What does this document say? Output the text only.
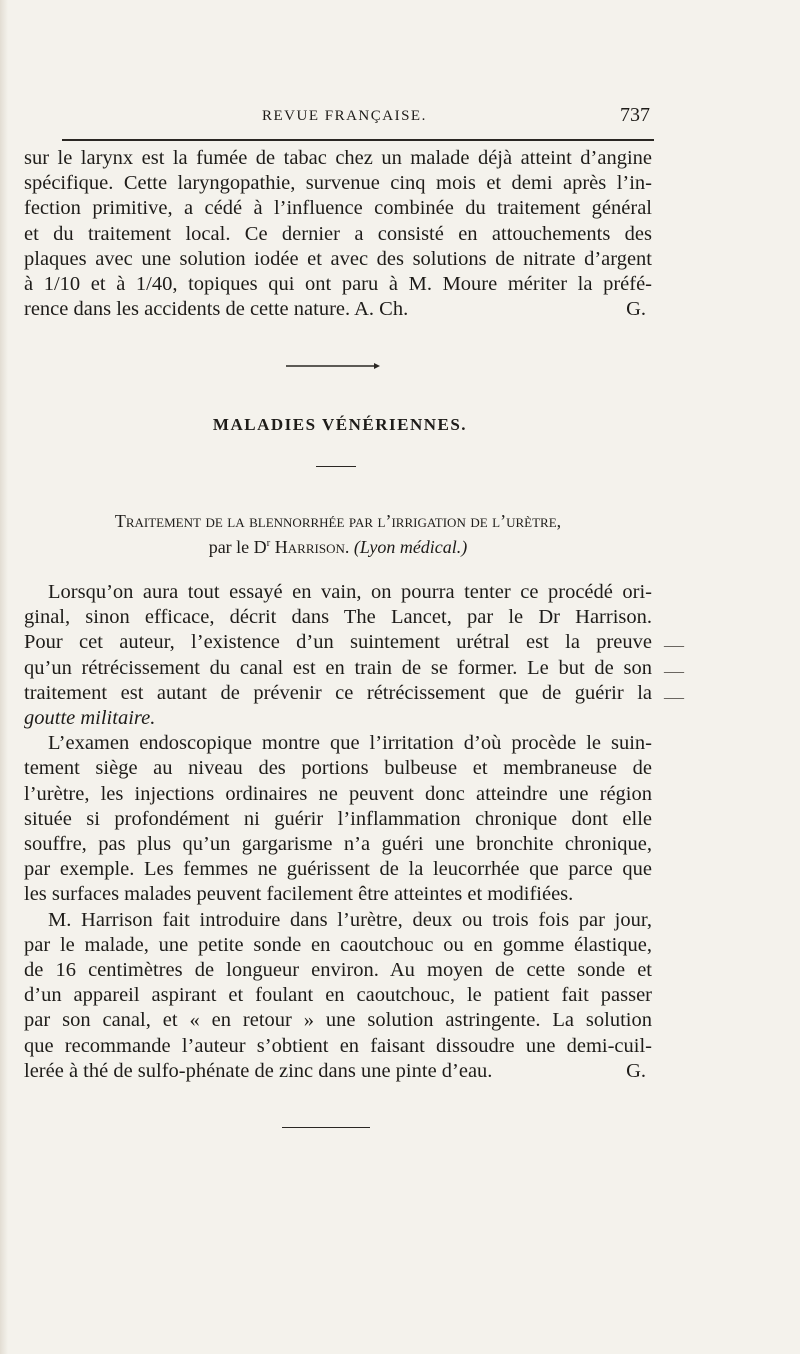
REVUE FRANÇAISE.	737

sur le larynx est la fumée de tabac chez un malade déjà atteint d’angine

spécifique. Cette laryngopathie, survenue cinq mois et demi après l’in-

fection primitive, a cédé à l’influence combinée du traitement général

et du traitement local. Ce dernier a consisté en attouchements des

plaques avec une solution iodée et avec des solutions de nitrate d’argent

à 1/10 et à 1/40, topiques qui ont paru à M. Moure mériter la préfé-

rence dans les accidents de cette nature. A. Ch.	G.

MALADIES VÉNÉRIENNES.
Traitement de la blennorrhée par l’irrigation de l’urètre,
par le $D^r$ Harrison. (Lyon médical.)

Lorsqu’on aura tout essayé en vain, on pourra tenter ce procédé ori-

ginal, sinon efficace, décrit dans The Lancet, par le Dr Harrison.

Pour cet auteur, l’existence d’un suintement urétral est la preuve

qu’un rétrécissement du canal est en train de se former. Le but de son

traitement est autant de prévenir ce rétrécissement que de guérir la

goutte militaire.

L’examen endoscopique montre que l’irritation d’où procède le suin-

tement siège au niveau des portions bulbeuse et membraneuse de

l’urètre, les injections ordinaires ne peuvent donc atteindre une région

située si profondément ni guérir l’inflammation chronique dont elle

souffre, pas plus qu’un gargarisme n’a guéri une bronchite chronique,

par exemple. Les femmes ne guérissent de la leucorrhée que parce que

les surfaces malades peuvent facilement être atteintes et modifiées.

M. Harrison fait introduire dans l’urètre, deux ou trois fois par jour,

par le malade, une petite sonde en caoutchouc ou en gomme élastique,

de 16 centimètres de longueur environ. Au moyen de cette sonde et

d’un appareil aspirant et foulant en caoutchouc, le patient fait passer

par son canal, et « en retour » une solution astringente. La solution

que recommande l’auteur s’obtient en faisant dissoudre une demi-cuil-

lerée à thé de sulfo-phénate de zinc dans une pinte d’eau.	G.

—
—
—
